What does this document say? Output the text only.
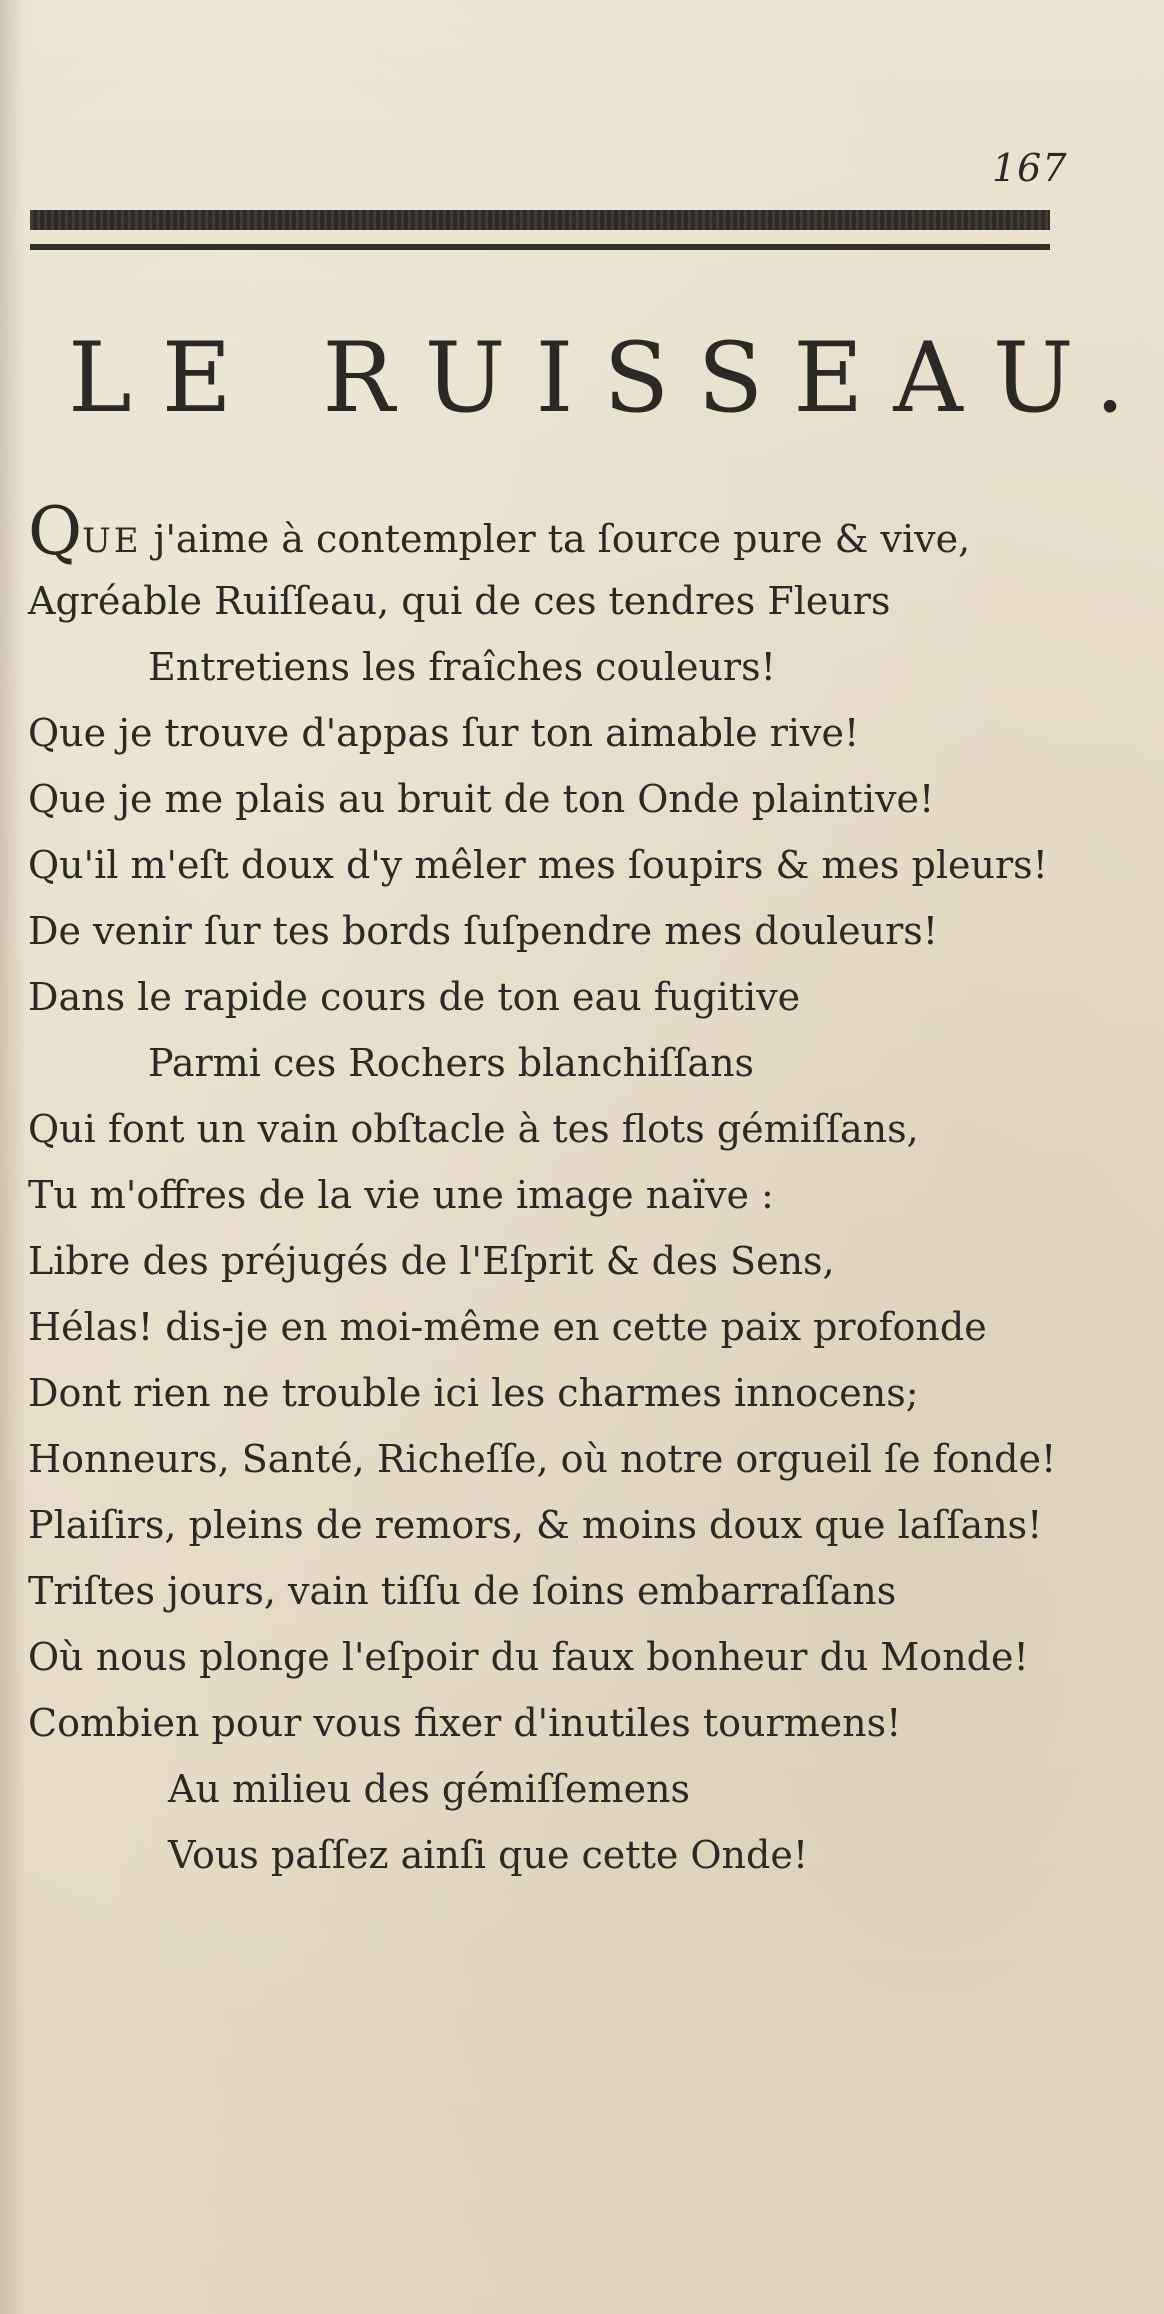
167
LE RUISSEAU.
QUE j'aime à contempler ta ſource pure & vive,
Agréable Ruiſſeau, qui de ces tendres Fleurs
Entretiens les fraîches couleurs!
Que je trouve d'appas ſur ton aimable rive!
Que je me plais au bruit de ton Onde plaintive!
Qu'il m'eſt doux d'y mêler mes ſoupirs & mes pleurs!
De venir ſur tes bords ſuſpendre mes douleurs!
Dans le rapide cours de ton eau fugitive
Parmi ces Rochers blanchiſſans
Qui font un vain obſtacle à tes flots gémiſſans,
Tu m'offres de la vie une image naïve :
Libre des préjugés de l'Eſprit & des Sens,
Hélas! dis-je en moi-même en cette paix profonde
Dont rien ne trouble ici les charmes innocens;
Honneurs, Santé, Richeſſe, où notre orgueil ſe fonde!
Plaiſirs, pleins de remors, & moins doux que laſſans!
Triſtes jours, vain tiſſu de ſoins embarraſſans
Où nous plonge l'eſpoir du faux bonheur du Monde!
Combien pour vous fixer d'inutiles tourmens!
Au milieu des gémiſſemens
Vous paſſez ainſi que cette Onde!
